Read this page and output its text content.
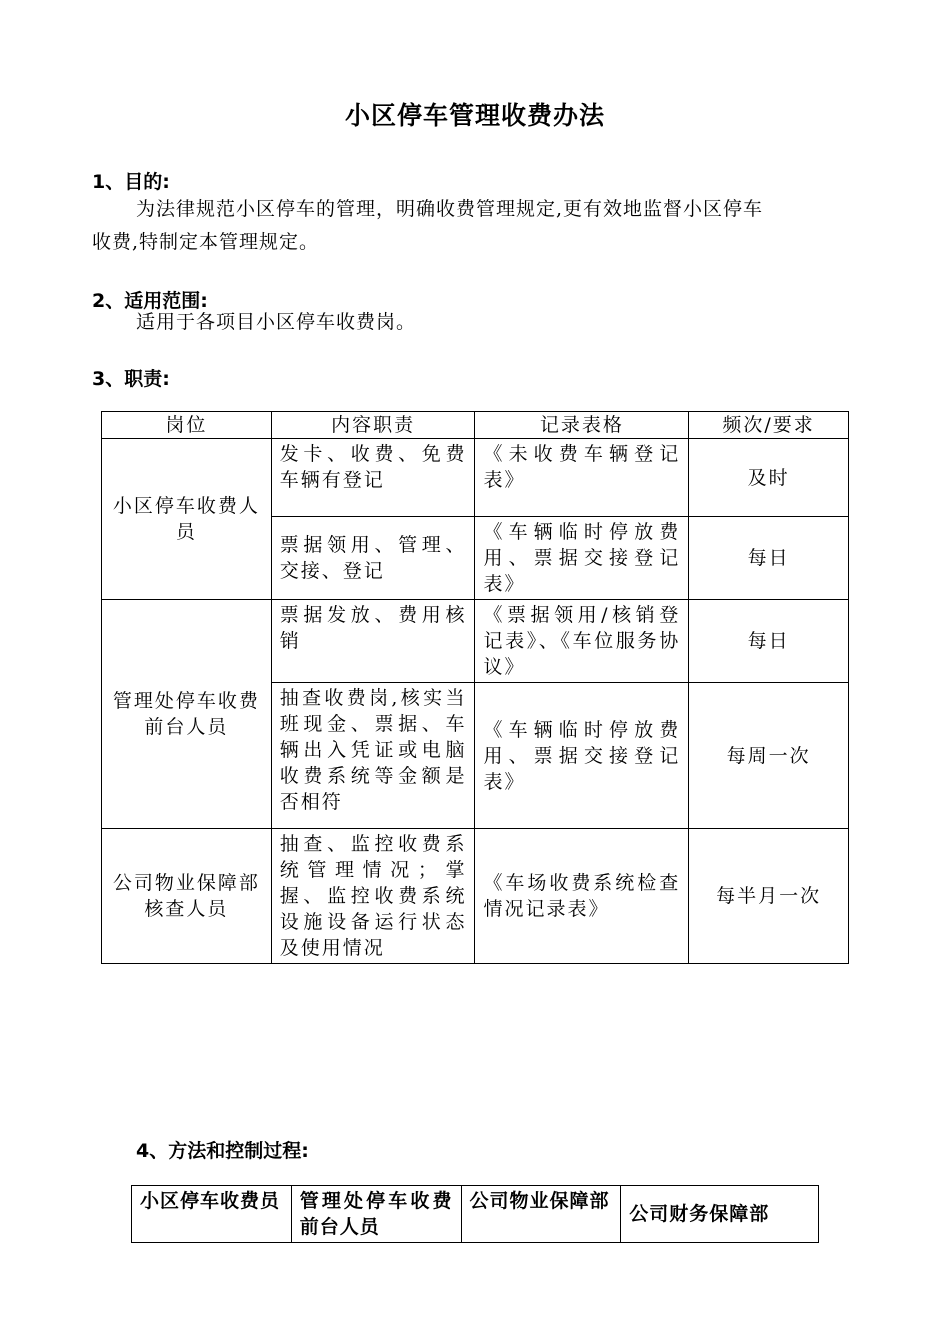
小区停车管理收费办法
1、目的:
为法律规范小区停车的管理，明确收费管理规定,更有效地监督小区停车
收费,特制定本管理规定。
2、适用范围:
适用于各项目小区停车收费岗。
3、职责:
岗位	内容职责	记录表格	频次/要求
小区停车收费人员	发卡、收费、免费车辆有登记	《未收费车辆登记表》	及时
	票据领用、管理、交接、登记	《车辆临时停放费用、票据交接登记表》	每日
管理处停车收费前台人员	票据发放、费用核销	《票据领用/核销登记表》、《车位服务协议》	每日
	抽查收费岗,核实当班现金、票据、车辆出入凭证或电脑收费系统等金额是否相符	《车辆临时停放费用、票据交接登记表》	每周一次
公司物业保障部核查人员	抽查、监控收费系统管理情况；掌握、监控收费系统设施设备运行状态及使用情况	《车场收费系统检查情况记录表》	每半月一次
4、方法和控制过程:
小区停车收费员	管理处停车收费前台人员	公司物业保障部	公司财务保障部
